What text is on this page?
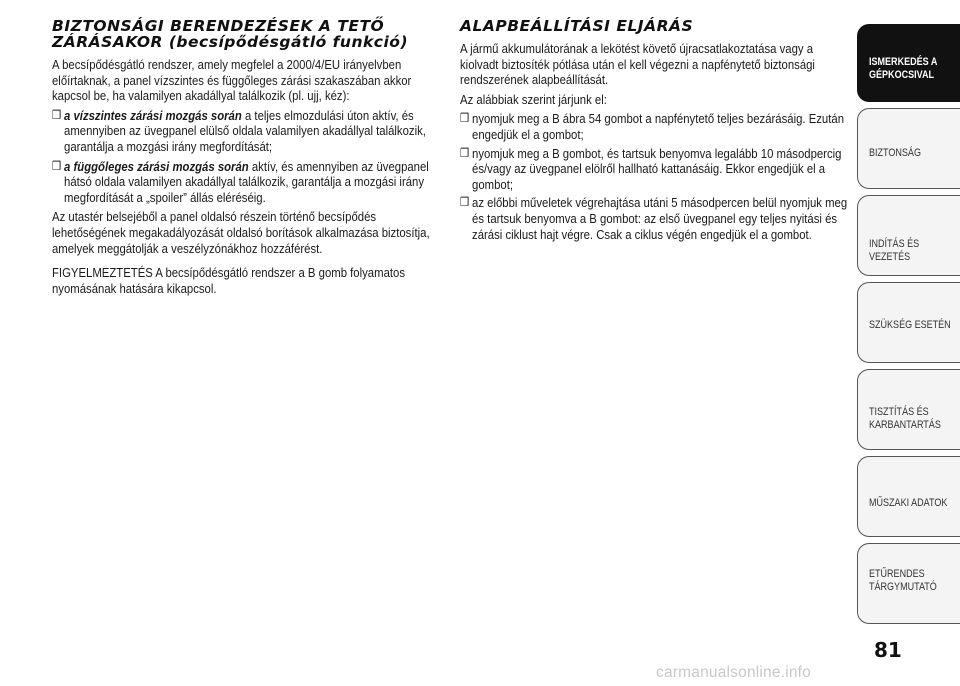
BIZTONSÁGI BERENDEZÉSEK A TETŐ ZÁRÁSAKOR (becsípődésgátló funkció)

A becsípődésgátló rendszer, amely megfelel a 2000/4/EU irányelvben előírtaknak, a panel vízszintes és függőleges zárási szakaszában akkor kapcsol be, ha valamilyen akadállyal találkozik (pl. ujj, kéz):

❒ a vízszintes zárási mozgás során a teljes elmozdulási úton aktív, és amennyiben az üvegpanel elülső oldala valamilyen akadállyal találkozik, garantálja a mozgási irány megfordítását;
❒ a függőleges zárási mozgás során aktív, és amennyiben az üvegpanel hátsó oldala valamilyen akadállyal találkozik, garantálja a mozgási irány megfordítását a „spoiler” állás eléréséig.

Az utastér belsejéből a panel oldalsó részein történő becsípődés lehetőségének megakadályozását oldalsó borítások alkalmazása biztosítja, amelyek meggátolják a veszélyzónákhoz hozzáférést.

FIGYELMEZTETÉS A becsípődésgátló rendszer a B gomb folyamatos nyomásának hatására kikapcsol.

ALAPBEÁLLÍTÁSI ELJÁRÁS

A jármű akkumulátorának a lekötést követő újracsatlakoztatása vagy a kiolvadt biztosíték pótlása után el kell végezni a napfénytető biztonsági rendszerének alapbeállítását.

Az alábbiak szerint járjunk el:

❒ nyomjuk meg a B ábra 54 gombot a napfénytető teljes bezárásáig. Ezután engedjük el a gombot;
❒ nyomjuk meg a B gombot, és tartsuk benyomva legalább 10 másodpercig és/vagy az üvegpanel elölről hallható kattanásáig. Ekkor engedjük el a gombot;
❒ az előbbi műveletek végrehajtása utáni 5 másodpercen belül nyomjuk meg és tartsuk benyomva a B gombot: az első üvegpanel egy teljes nyitási és zárási ciklust hajt végre. Csak a ciklus végén engedjük el a gombot.
ISMERKEDÉS A GÉPKOCSIVAL
BIZTONSÁG
INDÍTÁS ÉS VEZETÉS
SZÜKSÉG ESETÉN
TISZTÍTÁS ÉS KARBANTARTÁS
MŰSZAKI ADATOK
ETŰRENDES TÁRGYMUTATÓ
81
carmanualsonline.info
